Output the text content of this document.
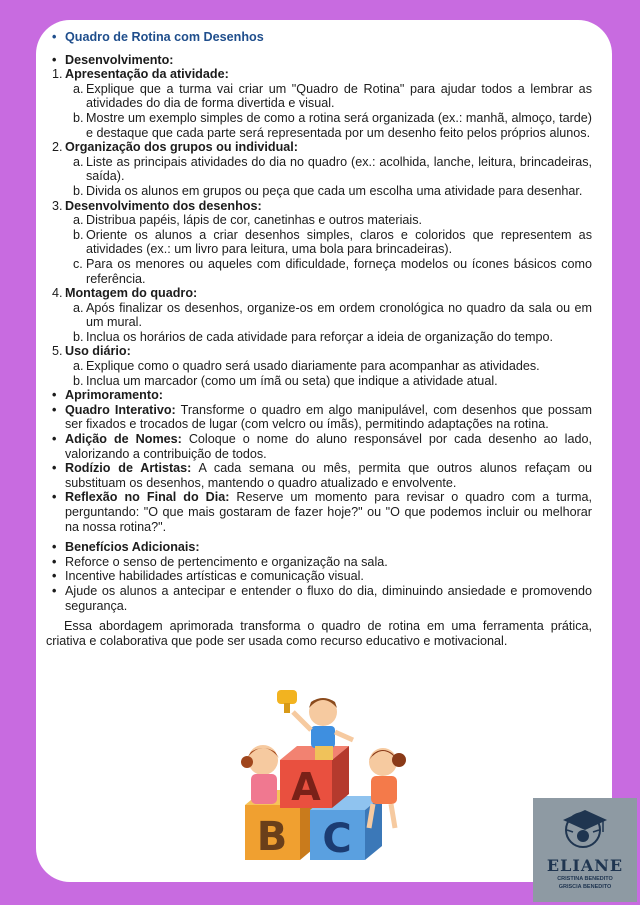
• Quadro de Rotina com Desenhos
• Desenvolvimento:
1. Apresentação da atividade:
a. Explique que a turma vai criar um "Quadro de Rotina" para ajudar todos a lembrar as atividades do dia de forma divertida e visual.
b. Mostre um exemplo simples de como a rotina será organizada (ex.: manhã, almoço, tarde) e destaque que cada parte será representada por um desenho feito pelos próprios alunos.
2. Organização dos grupos ou individual:
a. Liste as principais atividades do dia no quadro (ex.: acolhida, lanche, leitura, brincadeiras, saída).
b. Divida os alunos em grupos ou peça que cada um escolha uma atividade para desenhar.
3. Desenvolvimento dos desenhos:
a. Distribua papéis, lápis de cor, canetinhas e outros materiais.
b. Oriente os alunos a criar desenhos simples, claros e coloridos que representem as atividades (ex.: um livro para leitura, uma bola para brincadeiras).
c. Para os menores ou aqueles com dificuldade, forneça modelos ou ícones básicos como referência.
4. Montagem do quadro:
a. Após finalizar os desenhos, organize-os em ordem cronológica no quadro da sala ou em um mural.
b. Inclua os horários de cada atividade para reforçar a ideia de organização do tempo.
5. Uso diário:
a. Explique como o quadro será usado diariamente para acompanhar as atividades.
b. Inclua um marcador (como um ímã ou seta) que indique a atividade atual.
• Aprimoramento:
• Quadro Interativo: Transforme o quadro em algo manipulável, com desenhos que possam ser fixados e trocados de lugar (com velcro ou ímãs), permitindo adaptações na rotina.
• Adição de Nomes: Coloque o nome do aluno responsável por cada desenho ao lado, valorizando a contribuição de todos.
• Rodízio de Artistas: A cada semana ou mês, permita que outros alunos refaçam ou substituam os desenhos, mantendo o quadro atualizado e envolvente.
• Reflexão no Final do Dia: Reserve um momento para revisar o quadro com a turma, perguntando: "O que mais gostaram de fazer hoje?" ou "O que podemos incluir ou melhorar na nossa rotina?".
• Benefícios Adicionais:
• Reforce o senso de pertencimento e organização na sala.
• Incentive habilidades artísticas e comunicação visual.
• Ajude os alunos a antecipar e entender o fluxo do dia, diminuindo ansiedade e promovendo segurança.
Essa abordagem aprimorada transforma o quadro de rotina em uma ferramenta prática, criativa e colaborativa que pode ser usada como recurso educativo e motivacional.
B C
A
ELIANE
CRISTINA BENEDITO
GRISCIA BENEDITO
